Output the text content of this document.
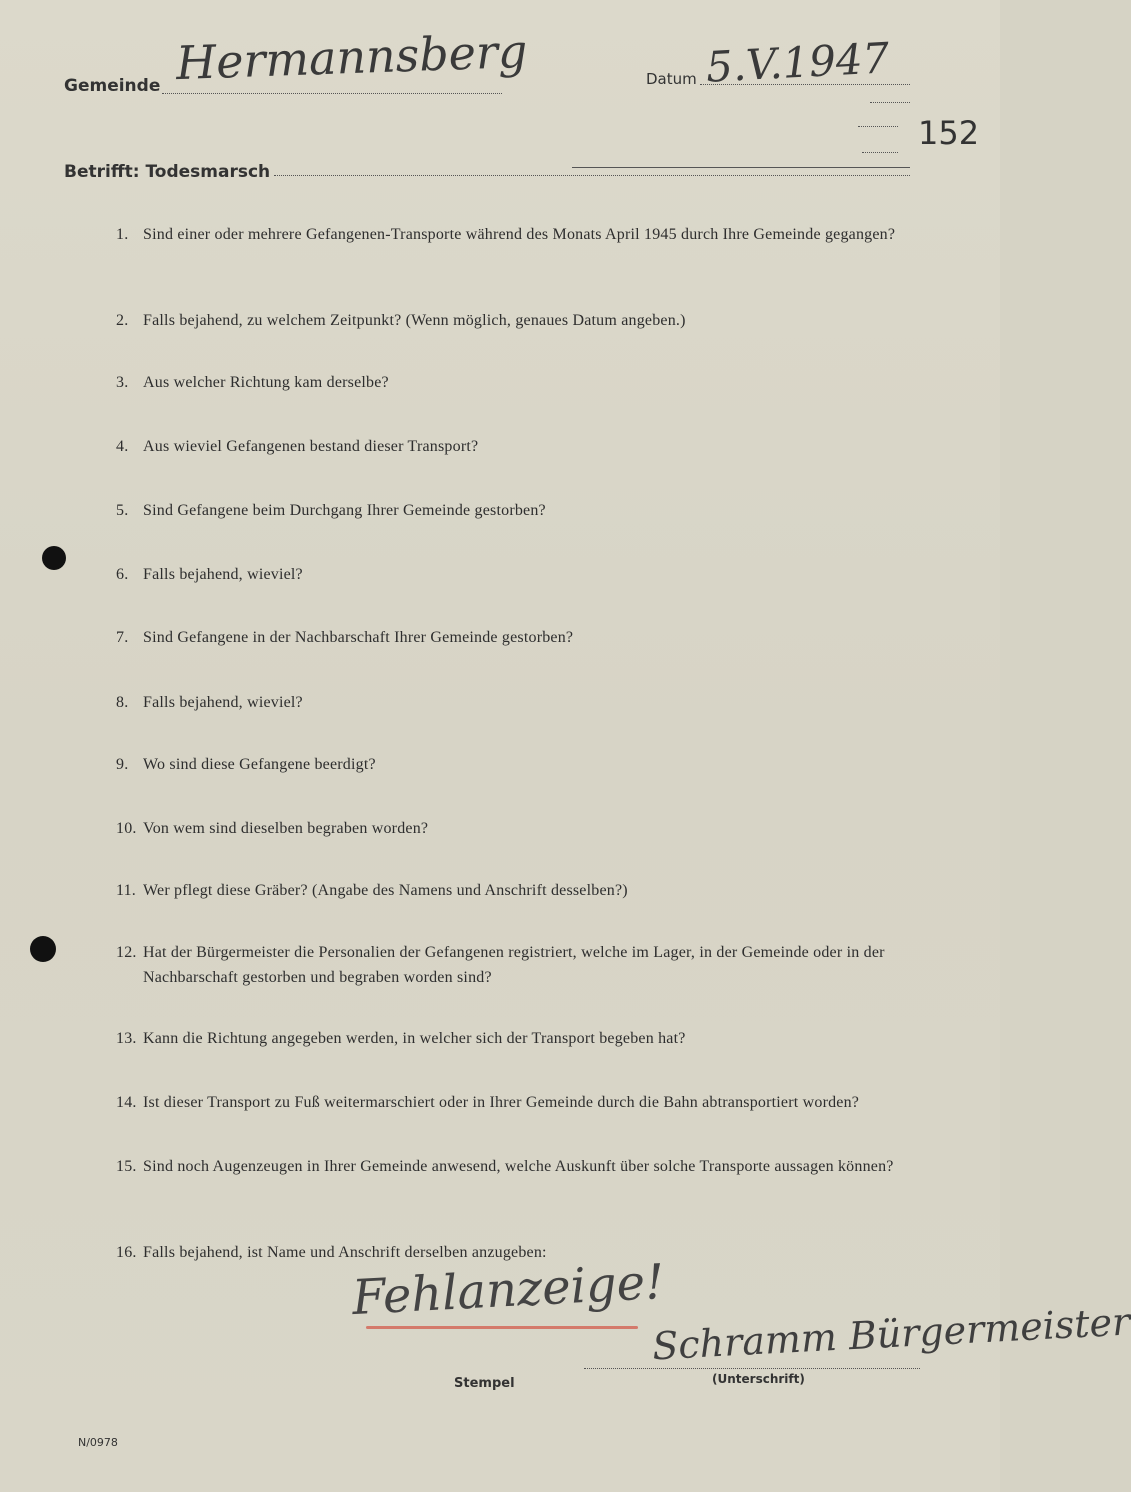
Gemeinde Hermannsberg	Datum 5.V.1947
152
Betrifft: Todesmarsch
1. Sind einer oder mehrere Gefangenen-Transporte während des Monats April 1945 durch Ihre Gemeinde gegangen?
2. Falls bejahend, zu welchem Zeitpunkt? (Wenn möglich, genaues Datum angeben.)
3. Aus welcher Richtung kam derselbe?
4. Aus wieviel Gefangenen bestand dieser Transport?
5. Sind Gefangene beim Durchgang Ihrer Gemeinde gestorben?
6. Falls bejahend, wieviel?
7. Sind Gefangene in der Nachbarschaft Ihrer Gemeinde gestorben?
8. Falls bejahend, wieviel?
9. Wo sind diese Gefangene beerdigt?
10. Von wem sind dieselben begraben worden?
11. Wer pflegt diese Gräber? (Angabe des Namens und Anschrift desselben?)
12. Hat der Bürgermeister die Personalien der Gefangenen registriert, welche im Lager, in der Gemeinde oder in der Nachbarschaft gestorben und begraben worden sind?
13. Kann die Richtung angegeben werden, in welcher sich der Transport begeben hat?
14. Ist dieser Transport zu Fuß weitermarschiert oder in Ihrer Gemeinde durch die Bahn abtransportiert worden?
15. Sind noch Augenzeugen in Ihrer Gemeinde anwesend, welche Auskunft über solche Transporte aussagen können?
16. Falls bejahend, ist Name und Anschrift derselben anzugeben:
Fehlanzeige!
Schramm Bürgermeister
Stempel	(Unterschrift)
N/0978
